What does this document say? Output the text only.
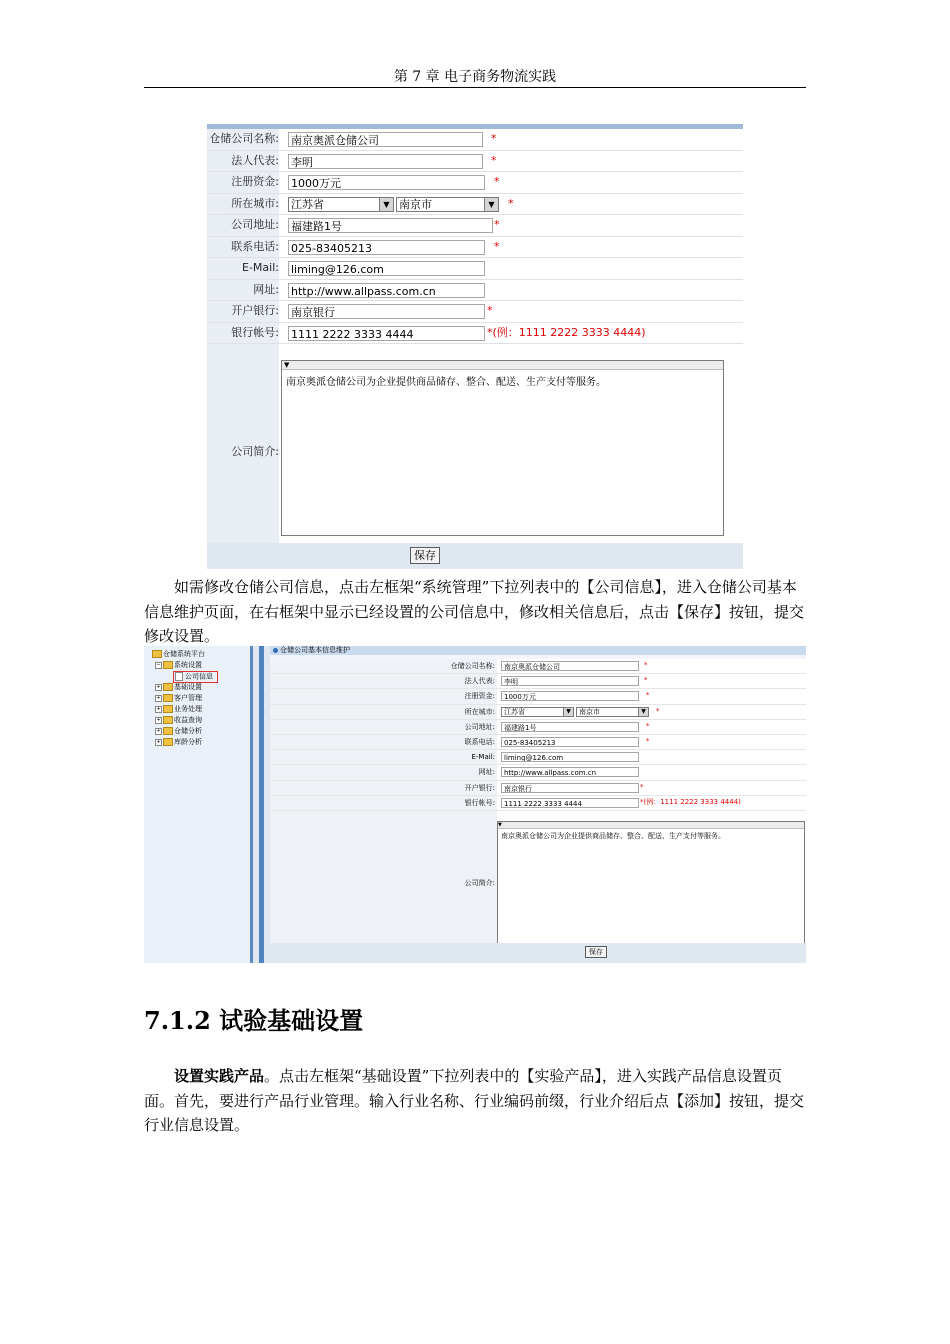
第 7 章 电子商务物流实践
仓储公司名称: 南京奥派仓储公司	*
法人代表: 李明	*
注册资金: 1000万元	*
所在城市: 江苏省	▼ 南京市	▼	*
公司地址: 福建路1号	*
联系电话: 025-83405213	*
E-Mail: liming@126.com
网址: http://www.allpass.com.cn
开户银行: 南京银行	*
银行帐号: 1111 2222 3333 4444	*(例：1111 2222 3333 4444)
公司简介:
▼
南京奥派仓储公司为企业提供商品储存、整合、配送、生产支付等服务。
保存
如需修改仓储公司信息，点击左框架“系统管理”下拉列表中的【公司信息】，进入仓储公司基本信息维护页面，在右框架中显示已经设置的公司信息中，修改相关信息后，点击【保存】按钮，提交修改设置。
仓储系统平台
− 系统设置
公司信息
+ 基础设置
+ 客户管理
+ 业务处理
+ 收益查询
+ 仓储分析
+ 库龄分析
仓储公司基本信息维护
仓储公司名称:	南京奥派仓储公司	*
法人代表:	李明	*
注册资金:	1000万元	*
所在城市:	江苏省	▼	南京市	▼	*
公司地址:	福建路1号	*
联系电话:	025-83405213	*
E-Mail:	liming@126.com
网址:	http://www.allpass.com.cn
开户银行:	南京银行	*
银行帐号:	1111 2222 3333 4444	*(例：1111 2222 3333 4444)
公司简介:
▼
南京奥派仓储公司为企业提供商品储存、整合、配送、生产支付等服务。
保存
7.1.2 试验基础设置
设置实践产品。点击左框架“基础设置”下拉列表中的【实验产品】，进入实践产品信息设置页面。首先，要进行产品行业管理。输入行业名称、行业编码前缀，行业介绍后点【添加】按钮，提交行业信息设置。
